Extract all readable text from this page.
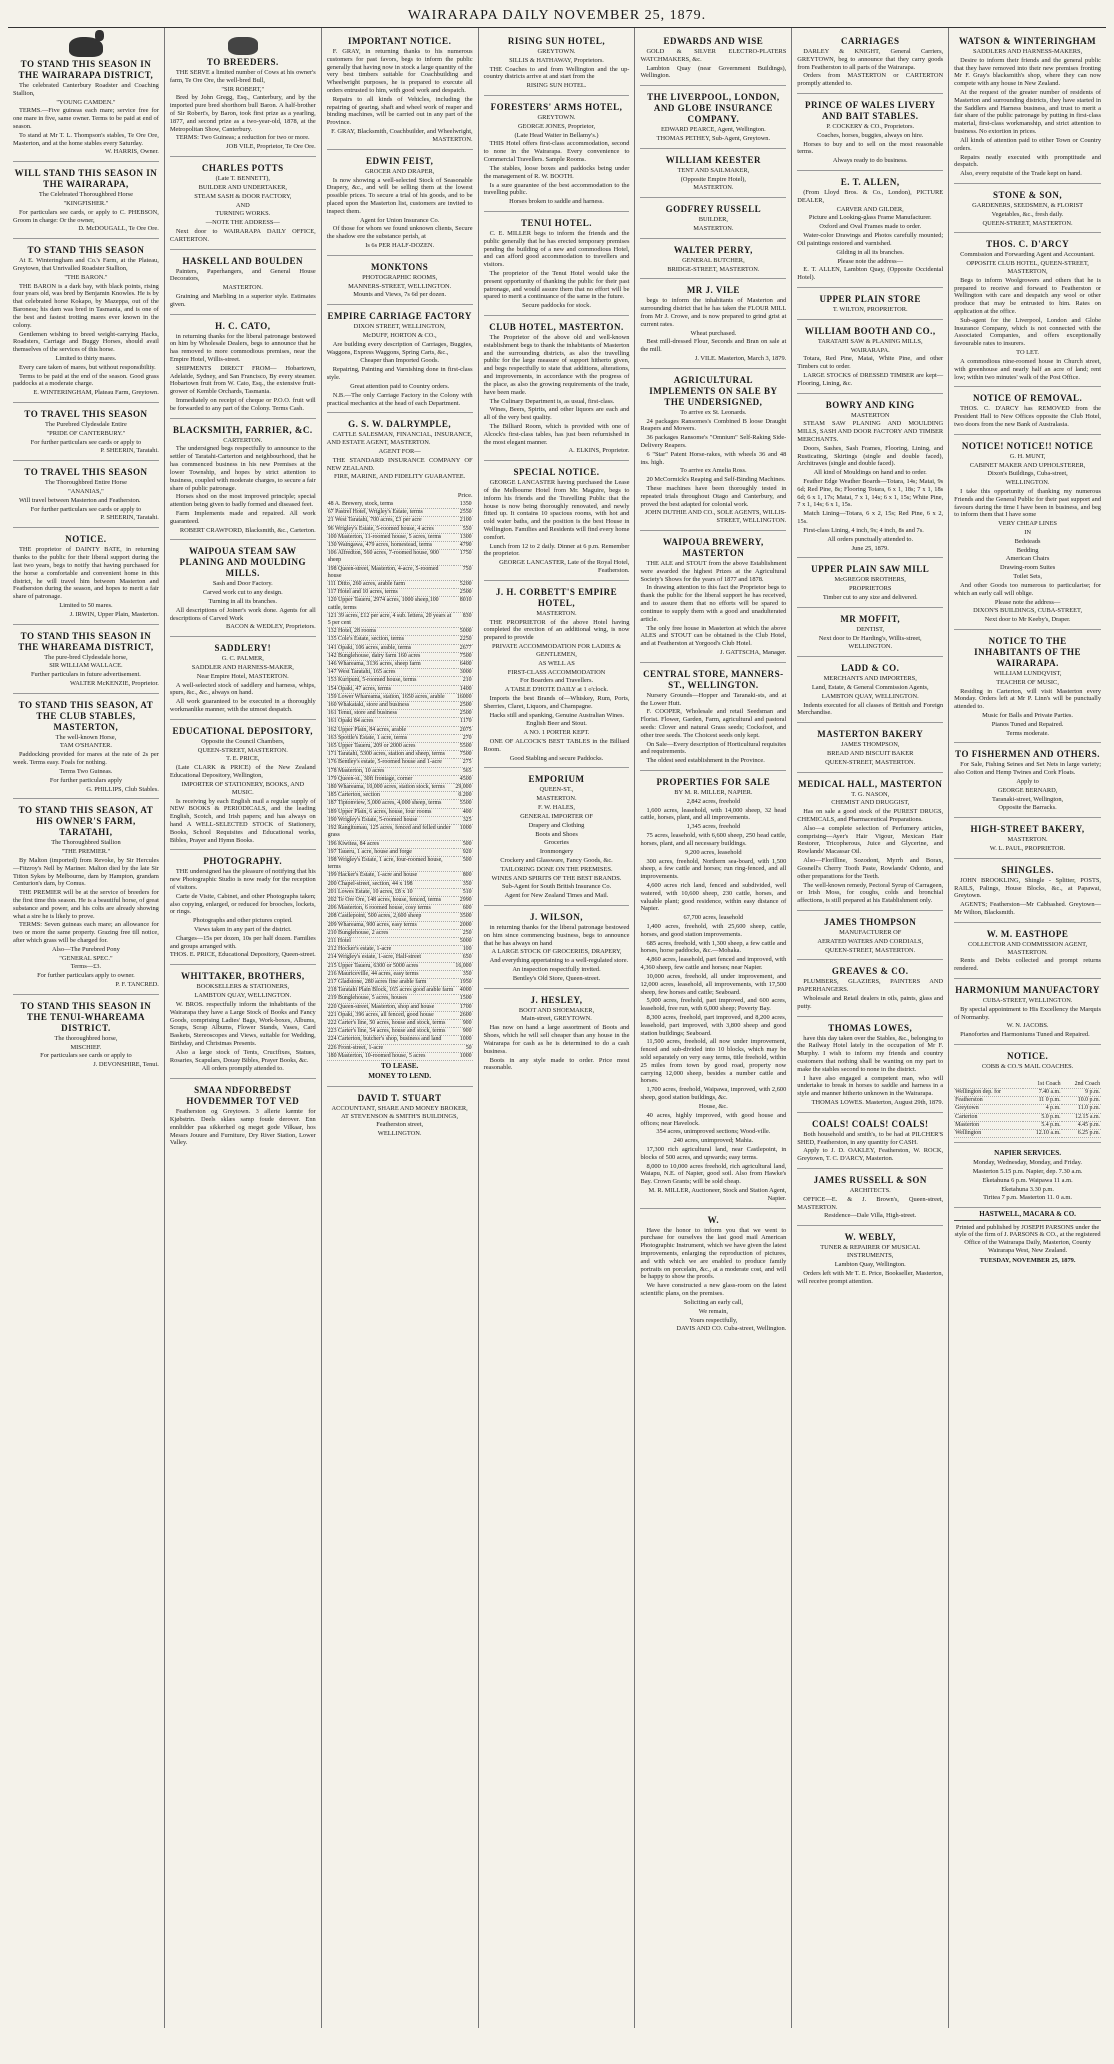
WAIRARAPA DAILY NOVEMBER 25, 1879.
TO STAND THIS SEASON IN THE WAIRARAPA DISTRICT,
The celebrated Canterbury Roadster and Coaching Stallion,
"YOUNG CAMDEN."
TERMS.—Five guineas each mare; service free for one mare in five, same owner. Terms to be paid at end of season.
To stand at Mr T. L. Thompson's stables, Te Ore Ore, Masterton, and at the home stables every Saturday.
W. HARRIS, Owner.
WILL STAND THIS SEASON IN THE WAIRARAPA,
The Celebrated Thoroughbred Horse
"KINGFISHER."
For particulars see cards, or apply to C. PHEBSON, Groom in charge: Or the owner,
D. McDOUGALL, Te Ore Ore.
TO STAND THIS SEASON
At E. Winteringham and Co.'s Farm, at the Plateau, Greytown, that Unrivalled Roadster Stallion,
"THE BARON."
THE BARON is a dark bay, with black points, rising four years old, was bred by Benjamin Knowles. He is by that celebrated horse Kokapo, by Mazeppa, out of the Baroness; his dam was bred in Tasmania, and is one of the best and fastest trotting mares ever known in the colony.
Gentlemen wishing to breed weight-carrying Hacks, Roadsters, Carriage and Buggy Horses, should avail themselves of the services of this horse.
Limited to thirty mares.
Every care taken of mares, but without responsibility.
Terms to be paid at the end of the season. Good grass paddocks at a moderate charge.
E. WINTERINGHAM, Plateau Farm, Greytown.
TO TRAVEL THIS SEASON
The Purebred Clydesdale Entire
"PRIDE OF CANTERBURY."
For further particulars see cards or apply to
P. SHEERIN, Taratahi.
TO TRAVEL THIS SEASON
The Thoroughbred Entire Horse
"ANANIAS,"
Will travel between Masterton and Featherston.
For further particulars see cards or apply to
P. SHEERIN, Taratahi.
NOTICE.
THE proprietor of DAINTY BATE, in returning thanks to the public for their liberal support during the last two years, begs to notify that having purchased for the horse a comfortable and convenient home in this district, he will travel him between Masterton and Featherston during the season, and hopes to merit a fair share of patronage.
Limited to 50 mares.
J. IRWIN, Upper Plain, Masterton.
TO STAND THIS SEASON IN THE WHAREAMA DISTRICT,
The pure-bred Clydesdale horse,
SIR WILLIAM WALLACE.
Further particulars in future advertisement.
WALTER McKENZIE, Proprietor.
TO STAND THIS SEASON, AT THE CLUB STABLES, MASTERTON,
The well-known Horse,
TAM O'SHANTER.
Paddocking provided for mares at the rate of 2s per week. Terms easy. Foals for nothing.
Terms Two Guineas.
For further particulars apply
G. PHILLIPS, Club Stables.
TO STAND THIS SEASON, AT HIS OWNER'S FARM, TARATAHI,
The Thoroughbred Stallion
"THE PREMIER."
By Malton (imported) from Revoke, by Sir Hercules—Fitzroy's Nell by Mariner. Malton died by the late Sir Titton Sykes by Melbourne, dam by Hampton, grandam Centurion's dam, by Comus.
THE PREMIER will be at the service of breeders for the first time this season. He is a beautiful horse, of great substance and power, and his colts are already showing what a sire he is likely to prove.
TERMS: Seven guineas each mare; an allowance for two or more the same property. Grazing free till notice, after which grass will be charged for.
Also—The Purebred Pony
"GENERAL SPEC."
Terms—£3.
For further particulars apply to owner.
P. F. TANCRED.
TO STAND THIS SEASON IN THE TENUI-WHAREAMA DISTRICT.
The thoroughbred horse,
MISCHIEF.
For particulars see cards or apply to
J. DEVONSHIRE, Tenui.
TO BREEDERS.
THE SERVE a limited number of Cows at his owner's farm, Te Ore Ore, the well-bred Bull,
"SIR ROBERT,"
Bred by John Gregg, Esq., Canterbury, and by the imported pure bred shorthorn bull Baron. A half-brother of Sir Robert's, by Baron, took first prize as a yearling, 1877, and second prize as a two-year-old, 1878, at the Metropolitan Show, Canterbury.
TERMS: Two Guineas; a reduction for two or more.
JOB VILE, Proprietor, Te Ore Ore.
CHARLES POTTS
(Late T. BENNETT),
BUILDER AND UNDERTAKER,
STEAM SASH & DOOR FACTORY,
AND
TURNING WORKS.
—NOTE THE ADDRESS—
Next door to WAIRARAPA DAILY OFFICE, CARTERTON.
HASKELL AND BOULDEN
Painters, Paperhangers, and General House Decorators,
MASTERTON.
Graining and Marbling in a superior style. Estimates given.
H. C. CATO,
in returning thanks for the liberal patronage bestowed on him by Wholesale Dealers, begs to announce that he has removed to more commodious premises, near the Empire Hotel, Willis-street.
SHIPMENTS DIRECT FROM— Hobartown, Adelaide, Sydney, and San Francisco, By every steamer. Hobartown fruit from W. Cato, Esq., the extensive fruit-grower of Kemble Orchards, Tasmania.
Immediately on receipt of cheque or P.O.O. fruit will be forwarded to any part of the Colony. Terms Cash.
BLACKSMITH, FARRIER, &C.
CARTERTON.
The undersigned begs respectfully to announce to the settler of Taratahi-Carterton and neighbourhood, that he has commenced business in his new Premises at the lower Township, and hopes by strict attention to business, coupled with moderate charges, to secure a fair share of public patronage.
Horses shod on the most improved principle; special attention being given to badly formed and diseased feet.
Farm Implements made and repaired. All work guaranteed.
ROBERT CRAWFORD, Blacksmith, &c., Carterton.
WAIPOUA STEAM SAW PLANING AND MOULDING MILLS.
Sash and Door Factory.
Carved work cut to any design.
Turning in all its branches.
All descriptions of Joiner's work done. Agents for all descriptions of Carved Work
BACON & WEDLEY, Proprietors.
SADDLERY!
G. C. PALMER,
SADDLER AND HARNESS-MAKER,
Near Empire Hotel, MASTERTON.
A well-selected stock of saddlery and harness, whips, spurs, &c., &c., always on hand.
All work guaranteed to be executed in a thoroughly workmanlike manner, with the utmost despatch.
EDUCATIONAL DEPOSITORY,
Opposite the Council Chambers,
QUEEN-STREET, MASTERTON.
T. E. PRICE,
(Late CLARK & PRICE) of the New Zealand Educational Depository, Wellington,
IMPORTER OF STATIONERY, BOOKS, AND MUSIC.
Is receiving by each English mail a regular supply of NEW BOOKS & PERIODICALS, and the leading English, Scotch, and Irish papers; and has always on hand A WELL-SELECTED STOCK of Stationery, Books, School Requisites and Educational works, Bibles, Prayer and Hymn Books.
PHOTOGRAPHY.
THE undersigned has the pleasure of notifying that his new Photographic Studio is now ready for the reception of visitors.
Carte de Visite, Cabinet, and other Photographs taken; also copying, enlarged, or reduced for brooches, lockets, or rings.
Photographs and other pictures copied.
Views taken in any part of the district.
Charges—15s per dozen, 10s per half dozen. Families and groups arranged with.
THOS. E. PRICE, Educational Depository, Queen-street.
WHITTAKER, BROTHERS,
BOOKSELLERS & STATIONERS,
LAMBTON QUAY, WELLINGTON.
W. BROS. respectfully inform the inhabitants of the Wairarapa they have a Large Stock of Books and Fancy Goods, comprising Ladies' Bags, Work-boxes, Albums, Scraps, Scrap Albums, Flower Stands, Vases, Card Baskets, Stereoscopes and Views, suitable for Wedding, Birthday, and Christmas Presents.
Also a large stock of Tents, Crucifixes, Statues, Rosaries, Scapulars, Douay Bibles, Prayer Books, &c.
All orders promptly attended to.
SMAA NDFORBEDST HOVDEMMER TOT VED
Featherston og Greytown. 3 allerie kæmte for Kjøbstrin. Deels sklæs samp foude derover. Enn ennlidder paa sikkerhed og meget gode Vilkaar, hos Messrs Jouure and Furniture, Dry River Station, Lower Valley.
IMPORTANT NOTICE.
F. GRAY, in returning thanks to his numerous customers for past favors, begs to inform the public generally that having now in stock a large quantity of the very best timbers suitable for Coachbuilding and Wheelwright purposes, he is prepared to execute all orders entrusted to him, with good work and despatch.
Repairs to all kinds of Vehicles, including the repairing of gearing, shaft and wheel work of reaper and binding machines, will be carried out in any part of the Province.
F. GRAY, Blacksmith, Coachbuilder, and Wheelwright, MASTERTON.
EDWIN FEIST,
GROCER AND DRAPER,
Is now showing a well-selected Stock of Seasonable Drapery, &c., and will be selling them at the lowest possible prices. To secure a trial of his goods, and to be placed upon the Masterton list, customers are invited to inspect them.
Agent for Union Insurance Co.
Of those for whom we found unknown clients, Secure the shadow ere the substance perish, at
Is 6s PER HALF-DOZEN.
MONKTONS
PHOTOGRAPHIC ROOMS,
MANNERS-STREET, WELLINGTON.
Mounts and Views, 7s 6d per dozen.
EMPIRE CARRIAGE FACTORY
DIXON STREET, WELLINGTON,
McDUFF, HORTON & CO.,
Are building every description of Carriages, Buggies, Waggons, Express Waggons, Spring Carts, &c.,
Cheaper than Imported Goods.
Repairing, Painting and Varnishing done in first-class style.
Great attention paid to Country orders.
N.B.—The only Carriage Factory in the Colony with practical mechanics at the head of each Department.
G. S. W. DALRYMPLE,
CATTLE SALESMAN, FINANCIAL, INSURANCE, AND ESTATE AGENT, MASTERTON.
AGENT FOR—
THE STANDARD INSURANCE COMPANY OF NEW ZEALAND.
FIRE, MARINE, AND FIDELITY GUARANTEE.
Price.
48 A. Brewery, stock, terms	1350
67 Pastrel Hotel, Wrigley's Estate, terms	2550
21 West Taratahi, 700 acres, £3 per acre	2100
96 Wrigley's Estate, 5-roomed house, 4 acres	550
100 Masterton, 11-roomed house, 5 acres, terms	1300
130 Waingawa, 479 acres, homestead, terms	4790
106 Alfredton, 560 acres, 7-roomed house, 900 sheep	1750
198 Queen-street, Masterton, 4-acre, 5-roomed house	750
111 Ditto, 260 acres, arable farm	5200
117 Hotel and 10 acres, terms	2500
120 Upper Taueru, 2974 acres, 1000 sheep,100 cattle, terms	8010
121 39 acres, £12 per acre, 4 sub. lettera, 20 years at 5 per cent	830
132 Hotel, 28 rooms	5000
135 Cole's Estate, section, terms	2250
141 Opaki, 106 acres, arable, terms	2677
142 Bunglehouse, dairy farm 160 acres	7500
146 Whareama, 3136 acres, sheep farm	6400
147 West Taratahi, 165 acres	3000
153 Kuripuni, 5-roomed house, terms	210
154 Opaki, 47 acres, terms	1400
159 Lower Whareama, station, 1650 acres, arable	16000
160 Whakataki, store and business	2500
161 Tenui, store and business	2500
161 Opaki 84 acres	1170
162 Upper Plain, 84 acres, arable	2075
163 Spottle's Estate, 1 acre, terms	270
165 Upper Taueru, 209 or 2000 acres	5500
171 Taratahi, 5300 acres, station and sheep, terms	7500
176 Bentley's estate, 5-roomed house and 1-acre	275
178 Masterton, 10 acres	565
179 Queen-st., 30ft frontage, corner	4500
180 Whareama, 10,000 acres, station stock, terms	29,000
185 Carterton, section	0.200
187 Tiptonview, 5,000 acres, 4,000 sheep, terms	5500
189 Upper Plain, 6 acres, house, four rooms	400
190 Wrigley's Estate, 5-roomed house	325
192 Rangitumau, 125 acres, fenced and felled under grass	1000
196 Kiwitea, 84 acres	500
197 Taueru, 1 acre, house and forge	920
198 Wrigley's Estate, 1 acre, four-roomed house, terms	500
199 Hacker's Estate, 1-acre and house	800
200 Chapel-street, section, 44 x 198	350
201 Lowes Estate, 10 acres, £8 x 10	510
202 Te Ore Ore, 148 acres, house, fenced, terms	2990
206 Masterton, 6 roomed house, cosy terms	600
208 Castlepoint, 500 acres, 2,600 sheep	3500
209 Whareama, 900 acres, easy terms	2000
210 Bunglehouse, 2 acres	250
211 Hotel	5000
212 Hocker's estate, 1-acre	100
214 Wrigley's estate, 1-acre, Half-street	650
215 Upper Taueru, 6300 or 5000 acres	16,000
216 Mauriceville, 44 acres, easy terms	350
217 Gladstone, 280 acres fine arable farm	1950
218 Taratahi Plain Block, 165 acres good arable farm	4000
219 Bunglehouse, 5 acres, houses	1500
220 Queen-street, Masterton, shop and house	1700
221 Opaki, 396 acres, all fenced, good house	2600
222 Carter's line, 50 acres, house and stock, terms	900
223 Carter's line, 54 acres, house and stock, terms	900
224 Carterton, butcher's shop, business and land	1000
226 Front-street, 1-acre	50
180 Masterton, 10-roomed house, 5 acres	1000
TO LEASE.
MONEY TO LEND.
DAVID T. STUART
ACCOUNTANT, SHARE AND MONEY BROKER,
AT STEVENSON & SMITH'S BUILDINGS, Featherston street,
WELLINGTON.
RISING SUN HOTEL,
GREYTOWN.
SILLIS & HATHAWAY, Proprietors.
THE Coaches to and from Wellington and the up-country districts arrive at and start from the
RISING SUN HOTEL.
FORESTERS' ARMS HOTEL,
GREYTOWN.
GEORGE JONES, Proprietor,
(Late Head Waiter in Bellamy's.)
THIS Hotel offers first-class accommodation, second to none in the Wairarapa. Every convenience to Commercial Travellers. Sample Rooms.
The stables, loose boxes and paddocks being under the management of R. W. BOOTH.
Is a sure guarantee of the best accommodation to the travelling public.
Horses broken to saddle and harness.
TENUI HOTEL.
C. E. MILLER begs to inform the friends and the public generally that he has erected temporary premises pending the building of a new and commodious Hotel, and can afford good accommodation to travellers and visitors.
The proprietor of the Tenui Hotel would take the present opportunity of thanking the public for their past patronage, and would assure them that no effort will be spared to merit a continuance of the same in the future.
Secure paddocks for stock.
CLUB HOTEL, MASTERTON.
The Proprietor of the above old and well-known establishment begs to thank the inhabitants of Masterton and the surrounding districts, as also the travelling public for the large measure of support hitherto given, and begs respectfully to state that additions, alterations, and improvements, in accordance with the progress of the place, as also the growing requirements of the trade, have been made.
The Culinary Department is, as usual, first-class.
Wines, Beers, Spirits, and other liquors are each and all of the very best quality.
The Billiard Room, which is provided with one of Alcock's first-class tables, has just been refurnished in the most elegant manner.
A. ELKINS, Proprietor.
SPECIAL NOTICE.
GEORGE LANCASTER having purchased the Lease of the Melbourne Hotel from Mr. Maguire, begs to inform his friends and the Travelling Public that the house is now being thoroughly renovated, and newly fitted up. It contains 10 spacious rooms, with hot and cold water baths, and the position is the best House in Wellington. Families and Residents will find every home comfort.
Lunch from 12 to 2 daily. Dinner at 6 p.m. Remember the proprietor.
GEORGE LANCASTER, Late of the Royal Hotel, Featherston.
J. H. CORBETT'S EMPIRE HOTEL,
MASTERTON.
THE PROPRIETOR of the above Hotel having completed the erection of an additional wing, is now prepared to provide
PRIVATE ACCOMMODATION FOR LADIES & GENTLEMEN,
AS WELL AS
FIRST-CLASS ACCOMMODATION
For Boarders and Travellers.
A TABLE D'HOTE DAILY at 1 o'clock.
Imports the best Brands of—Whiskey, Rum, Ports, Sherries, Claret, Liquors, and Champagne.
Hacks still and spanking, Genuine Australian Wines.
English Beer and Stout.
A NO. 1 PORTER KEPT.
ONE OF ALCOCK'S BEST TABLES in the Billiard Room.
Good Stabling and secure Paddocks.
EMPORIUM
QUEEN-ST.,
MASTERTON.
F. W. HALES,
GENERAL IMPORTER OF
Drapery and Clothing
Boots and Shoes
Groceries
Ironmongery
Crockery and Glassware, Fancy Goods, &c.
TAILORING DONE ON THE PREMISES.
WINES AND SPIRITS OF THE BEST BRANDS.
Sub-Agent for South British Insurance Co.
Agent for New Zealand Times and Mail.
J. WILSON,
in returning thanks for the liberal patronage bestowed on him since commencing business, begs to announce that he has always on hand
A LARGE STOCK OF GROCERIES, DRAPERY,
And everything appertaining to a well-regulated store.
An inspection respectfully invited.
Bentley's Old Store, Queen-street.
J. HESLEY,
BOOT AND SHOEMAKER,
Main-street, GREYTOWN.
Has now on hand a large assortment of Boots and Shoes, which he will sell cheaper than any house in the Wairarapa for cash as he is determined to do a cash business.
Boots in any style made to order. Price most reasonable.
EDWARDS AND WISE
GOLD & SILVER ELECTRO-PLATERS WATCHMAKERS, &c.
Lambton Quay (near Government Buildings), Wellington.
THE LIVERPOOL, LONDON, AND GLOBE INSURANCE COMPANY.
EDWARD PEARCE, Agent, Wellington.
THOMAS PETHEY, Sub-Agent, Greytown.
WILLIAM KEESTER
TENT AND SAILMAKER,
(Opposite Empire Hotel),
MASTERTON.
GODFREY RUSSELL
BUILDER,
MASTERTON.
WALTER PERRY,
GENERAL BUTCHER,
BRIDGE-STREET, MASTERTON.
MR J. VILE
begs to inform the inhabitants of Masterton and surrounding district that he has taken the FLOUR MILL from Mr J. Crowe, and is now prepared to grind grist at current rates.
Wheat purchased.
Best mill-dressed Flour, Seconds and Bran on sale at the mill.
J. VILE. Masterton, March 3, 1879.
AGRICULTURAL IMPLEMENTS ON SALE BY THE UNDERSIGNED,
To arrive ex St. Leonards.
24 packages Ransomes's Combined B loose Draught Reapers and Mowers.
36 packages Ransome's "Omnium" Self-Raking Side-Delivery Reapers.
6 "Star" Patent Horse-rakes, with wheels 36 and 48 ins. high.
To arrive ex Amelia Ross.
20 McCormick's Reaping and Self-Binding Machines.
These machines have been thoroughly tested in repeated trials throughout Otago and Canterbury, and proved the best adapted for colonial work.
JOHN DUTHIE AND CO., SOLE AGENTS, WILLIS-STREET, WELLINGTON.
WAIPOUA BREWERY, MASTERTON
THE ALE and STOUT from the above Establishment were awarded the highest Prizes at the Agricultural Society's Shows for the years of 1877 and 1878.
In drawing attention to this fact the Proprietor begs to thank the public for the liberal support he has received, and to assure them that no efforts will be spared to continue to supply them with a good and unadulterated article.
The only free house in Masterton at which the above ALES and STOUT can be obtained is the Club Hotel, and at Featherston at Yorgood's Club Hotel.
J. GATTSCHA, Manager.
CENTRAL STORE, MANNERS-ST., WELLINGTON.
Nursery Grounds—Hopper and Taranaki-sts, and at the Lower Hutt.
F. COOPER, Wholesale and retail Seedsman and Florist. Flower, Garden, Farm, agricultural and pastoral seeds: Clover and natural Grass seeds; Cocksfoot, and other tree seeds. The Choicest seeds only kept.
On Sale—Every description of Horticultural requisites and requirements.
The oldest seed establishment in the Province.
PROPERTIES FOR SALE
BY M. R. MILLER, NAPIER.
2,842 acres, freehold
1,600 acres, leasehold, with 14,000 sheep, 32 head cattle, horses, plant, and all improvements.
1,345 acres, freehold
75 acres, leasehold, with 6,600 sheep, 250 head cattle, horses, plant, and all necessary buildings.
9,200 acres, leasehold
300 acres, freehold, Northern sea-board, with 1,500 sheep, a few cattle and horses; run ring-fenced, and all improvements.
4,600 acres rich land, fenced and subdivided, well watered, with 10,600 sheep, 230 cattle, horses, and valuable plant; good residence, within easy distance of Napier.
67,700 acres, leasehold
1,400 acres, freehold, with 25,600 sheep, cattle, horses, and good station improvements.
685 acres, freehold, with 1,300 sheep, a few cattle and horses, horse paddocks, &c.—Mohaka.
4,860 acres, leasehold, part fenced and improved, with 4,360 sheep, few cattle and horses; near Napier.
10,000 acres, freehold, all under improvement, and 12,000 acres, leasehold, all improvements, with 17,500 sheep, few horses and cattle; Seaboard.
5,000 acres, freehold, part improved, and 600 acres, leasehold, free run, with 6,000 sheep; Poverty Bay.
8,300 acres, freehold, part improved, and 8,200 acres, leasehold, part improved, with 3,800 sheep and good station buildings; Seaboard.
11,500 acres, freehold, all now under improvement, fenced and sub-divided into 10 blocks, which may be sold separately on very easy terms, title freehold, within 25 miles from town by good road, property now carrying 12,000 sheep, besides a number cattle and horses.
1,700 acres, freehold, Waipawa, improved, with 2,600 sheep, good station buildings, &c.
House, &c.
40 acres, highly improved, with good house and offices; near Havelock.
354 acres, unimproved sections; Wood-ville.
240 acres, unimproved; Mahia.
17,300 rich agricultural land, near Castlepoint, in blocks of 500 acres, and upwards; easy terms.
8,000 to 10,000 acres freehold, rich agricultural land, Waiapu, N.E. of Napier, good soil. Also from Hawke's Bay. Crown Grants; will be sold cheap.
M. R. MILLER, Auctioneer, Stock and Station Agent, Napier.
W.
Have the honor to inform you that we went to purchase for ourselves the last good mail American Photographic Instrument, which we have given the latest improvements, enlarging the reproduction of pictures, and with which we are enabled to produce family portraits on porcelain, &c., at a moderate cost, and will be happy to show the proofs.
We have constructed a new glass-room on the latest scientific plans, on the premises.
Soliciting an early call,
We remain,
Yours respectfully,
DAVIS AND CO. Cuba-street, Wellington.
CARRIAGES
DARLEY & KNIGHT, General Carriers, GREYTOWN, beg to announce that they carry goods from Featherston to all parts of the Wairarapa.
Orders from MASTERTON or CARTERTON promptly attended to.
PRINCE OF WALES LIVERY AND BAIT STABLES.
P. COCKERY & CO., Proprietors.
Coaches, horses, buggies, always on hire.
Horses to buy and to sell on the most reasonable terms.
Always ready to do business.
E. T. ALLEN,
(From Lloyd Bros. & Co., London), PICTURE DEALER,
CARVER AND GILDER,
Picture and Looking-glass Frame Manufacturer.
Oxford and Oval Frames made to order.
Water-color Drawings and Photos carefully mounted; Oil paintings restored and varnished.
Gilding in all its branches.
Please note the address—
E. T. ALLEN, Lambton Quay, (Opposite Occidental Hotel).
UPPER PLAIN STORE
T. WILTON, PROPRIETOR.
WILLIAM BOOTH AND CO.,
TARATAHI SAW & PLANING MILLS,
WAIRARAPA.
Totara, Red Pine, Matai, White Pine, and other Timbers cut to order.
LARGE STOCKS of DRESSED TIMBER are kept—Flooring, Lining, &c.
BOWRY AND KING
MASTERTON
STEAM SAW PLANING AND MOULDING MILLS, SASH AND DOOR FACTORY AND TIMBER MERCHANTS.
Doors, Sashes, Sash Frames, Flooring, Lining, and Rusticating, Skirtings (single and double faced), Architraves (single and double faced).
All kind of Mouldings on hand and to order.
Feather Edge Weather Boards—Totara, 14s; Matai, 9s 6d; Red Pine, 8s; Flooring Totara, 6 x 1, 18s; 7 x 1, 18s 6d; 6 x 1, 17s; Matai, 7 x 1, 14s; 6 x 1, 15s; White Pine, 7 x 1, 14s; 6 x 1, 15s.
Match Lining—Totara, 6 x 2, 15s; Red Pine, 6 x 2, 15s.
First-class Lining, 4 inch, 9s; 4 inch, 8s and 7s.
All orders punctually attended to.
June 25, 1879.
UPPER PLAIN SAW MILL
McGREGOR BROTHERS,
PROPRIETORS
Timber cut to any size and delivered.
MR MOFFIT,
DENTIST,
Next door to Dr Harding's, Willis-street,
WELLINGTON.
LADD & CO.
MERCHANTS AND IMPORTERS,
Land, Estate, & General Commission Agents,
LAMBTON QUAY, WELLINGTON.
Indents executed for all classes of British and Foreign Merchandise.
MASTERTON BAKERY
JAMES THOMPSON,
BREAD AND BISCUIT BAKER
QUEEN-STREET, MASTERTON.
MEDICAL HALL, MASTERTON
T. G. NASON,
CHEMIST AND DRUGGIST,
Has on sale a good stock of the PUREST DRUGS, CHEMICALS, and Pharmaceutical Preparations.
Also—a complete selection of Perfumery articles, comprising—Ayer's Hair Vigour, Mexican Hair Restorer, Tricopherous, Juice and Glycerine, and Rowlands' Macassar Oil.
Also—Florilline, Sozodont, Myrrh and Borax, Gosnell's Cherry Tooth Paste, Rowlands' Odonto, and other preparations for the Teeth.
The well-known remedy, Pectoral Syrup of Carrageen, or Irish Moss, for coughs, colds and bronchial affections, is still prepared at his Establishment only.
JAMES THOMPSON
MANUFACTURER OF
AERATED WATERS AND CORDIALS,
QUEEN-STREET, MASTERTON.
GREAVES & CO.
PLUMBERS, GLAZIERS, PAINTERS AND PAPERHANGERS.
Wholesale and Retail dealers in oils, paints, glass and putty.
THOMAS LOWES,
have this day taken over the Stables, &c., belonging to the Railway Hotel lately in the occupation of Mr F. Murphy. I wish to inform my friends and country customers that nothing shall be wanting on my part to make the stables second to none in the district.
I have also engaged a competent man, who will undertake to break in horses to saddle and harness in a style and manner hitherto unknown in the Wairarapa.
THOMAS LOWES. Masterton, August 29th, 1879.
COALS! COALS! COALS!
Both household and smith's, to be had at PILCHER'S SHED, Featherston, in any quantity for CASH.
Apply to J. D. OAKLEY, Featherston, W. ROCK, Greytown, T. C. D'ARCY, Masterton.
JAMES RUSSELL & SON
ARCHITECTS.
OFFICE—E. & J. Brown's, Queen-street, MASTERTON.
Residence—Dale Villa, High-street.
W. WEBLY,
TUNER & REPAIRER OF MUSICAL INSTRUMENTS,
Lambton Quay, Wellington.
Orders left with Mr T. E. Price, Bookseller, Masterton, will receive prompt attention.
WATSON & WINTERINGHAM
SADDLERS AND HARNESS-MAKERS,
Desire to inform their friends and the general public that they have removed into their new premises fronting Mr F. Gray's blacksmith's shop, where they can now compete with any house in New Zealand.
At the request of the greater number of residents of Masterton and surrounding districts, they have started in the Saddlers and Harness business, and trust to merit a fair share of the public patronage by putting in first-class material, first-class workmanship, and strict attention to business. No extortion in prices.
All kinds of attention paid to either Town or Country orders.
Repairs neatly executed with promptitude and despatch.
Also, every requisite of the Trade kept on hand.
STONE & SON,
GARDENERS, SEEDSMEN, & FLORIST
Vegetables, &c., fresh daily.
QUEEN-STREET, MASTERTON.
THOS. C. D'ARCY
Commission and Forwarding Agent and Accountant.
OPPOSITE CLUB HOTEL, QUEEN-STREET, MASTERTON,
Begs to inform Woolgrowers and others that he is prepared to receive and forward to Featherston or Wellington with care and despatch any wool or other produce that may be entrusted to him. Rates on application at the office.
Sub-agent for the Liverpool, London and Globe Insurance Company, which is not connected with the Associated Companies, and offers exceptionally favourable rates to insurers.
TO LET.
A commodious nine-roomed house in Church street, with greenhouse and nearly half an acre of land; rent low; within two minutes' walk of the Post Office.
NOTICE OF REMOVAL.
THOS. C. D'ARCY has REMOVED from the President Hall to New Offices opposite the Club Hotel, two doors from the new Bank of Australasia.
NOTICE! NOTICE!! NOTICE
G. H. MUNT,
CABINET MAKER AND UPHOLSTERER,
Dixon's Buildings, Cuba-street,
WELLINGTON.
I take this opportunity of thanking my numerous Friends and the General Public for their past support and favours during the time I have been in business, and beg to inform them that I have some
VERY CHEAP LINES
IN
Bedsteads
Bedding
American Chairs
Drawing-room Suites
Toilet Sets,
And other Goods too numerous to particularise; for which an early call will oblige.
Please note the address—
DIXON'S BUILDINGS, CUBA-STREET,
Next door to Mr Keeby's, Draper.
NOTICE TO THE INHABITANTS OF THE WAIRARAPA.
WILLIAM LUNDQVIST,
TEACHER OF MUSIC,
Residing in Carterton, will visit Masterton every Monday. Orders left at Mr P. Linn's will be punctually attended to.
Music for Balls and Private Parties.
Pianos Tuned and Repaired.
Terms moderate.
TO FISHERMEN AND OTHERS.
For Sale, Fishing Seines and Set Nets in large variety; also Cotton and Hemp Twines and Cork Floats.
Apply to
GEORGE BERNARD,
Taranaki-street, Wellington,
Opposite the Barracks.
HIGH-STREET BAKERY,
MASTERTON.
W. L. PAUL, PROPRIETOR.
SHINGLES.
JOHN BROOKLING, Shingle - Splitter, POSTS, RAILS, Palings, House Blocks, &c., at Papawai, Greytown.
AGENTS; Featherston—Mr Cabbashed. Greytown—Mr Wilton, Blacksmith.
W. M. EASTHOPE
COLLECTOR AND COMMISSION AGENT, MASTERTON.
Rents and Debts collected and prompt returns rendered.
HARMONIUM MANUFACTORY
CUBA-STREET, WELLINGTON.
By special appointment to His Excellency the Marquis of Normanby.
W. N. JACOBS.
Pianofortes and Harmoniums Tuned and Repaired.
NOTICE.
COBB & CO.'S MAIL COACHES.
	1st Coach	2nd Coach
Wellington dep. for	7.40 a.m.	9 p.m.
Featherston	11 0 p.m.	10.0 p.m.
Greytown	4 p.m.	11.0 p.m.
Carterton	5.0 p.m.	12.15 a.m.
Masterton	5.4 p.m.	4.45 p.m.
Wellington	12.10 a.m.	6.25 p.m.
NAPIER SERVICES.
Monday, Wednesday, Monday, and Friday.
Masterton 5.15 p.m. Napier, dep. 7.30 a.m.
Eketahuna 6 p.m. Waipawa 11 a.m.
Eketahuna 3.30 p.m.
Tiritea 7 p.m. Masterton 11. 0 a.m.
HASTWELL, MACARA & CO.
Printed and published by JOSEPH PARSONS under the style of the firm of J. PARSONS & CO., at the registered Office of the Wairarapa Daily, Masterton, County Wairarapa West, New Zealand.
TUESDAY, NOVEMBER 25, 1879.
